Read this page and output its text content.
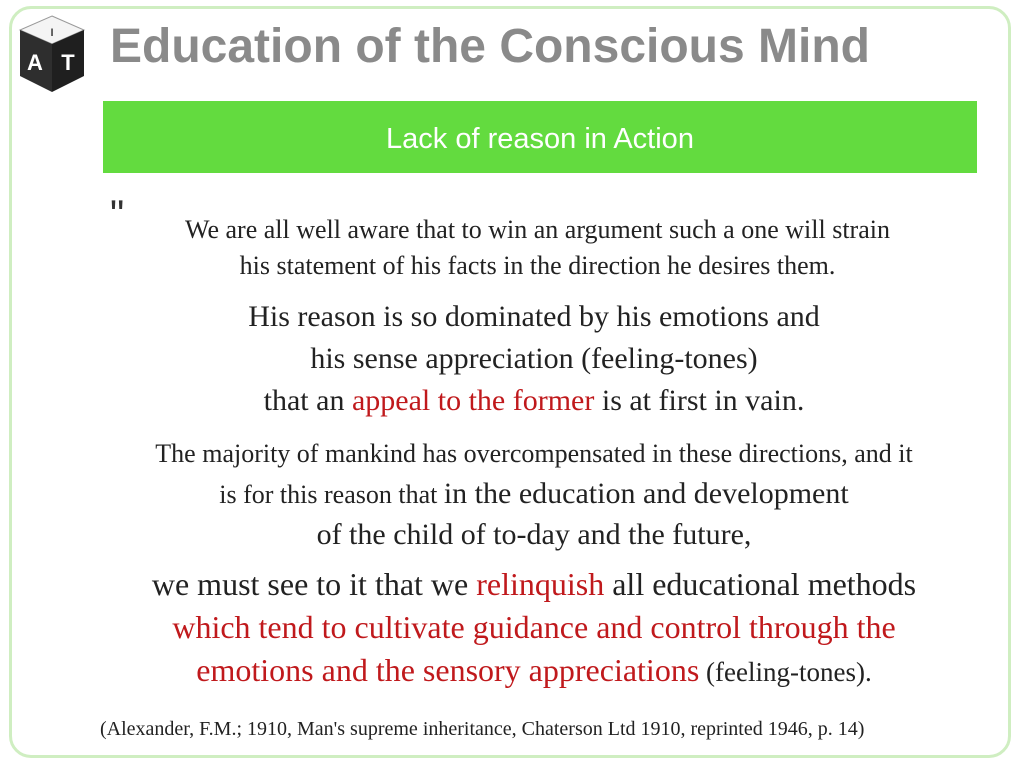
A T
I Education of the Conscious Mind
Lack of reason in Action
"	We are all well aware that to win an argument such a one will strain
his statement of his facts in the direction he desires them.
His reason is so dominated by his emotions and
his sense appreciation (feeling-tones)
that an appeal to the former is at first in vain.
The majority of mankind has overcompensated in these directions, and it
is for this reason that in the education and development
of the child of to-day and the future,
we must see to it that we relinquish all educational methods
which tend to cultivate guidance and control through the
emotions and the sensory appreciations (feeling-tones).
(Alexander, F.M.; 1910, Man's supreme inheritance, Chaterson Ltd 1910, reprinted 1946, p. 14)
